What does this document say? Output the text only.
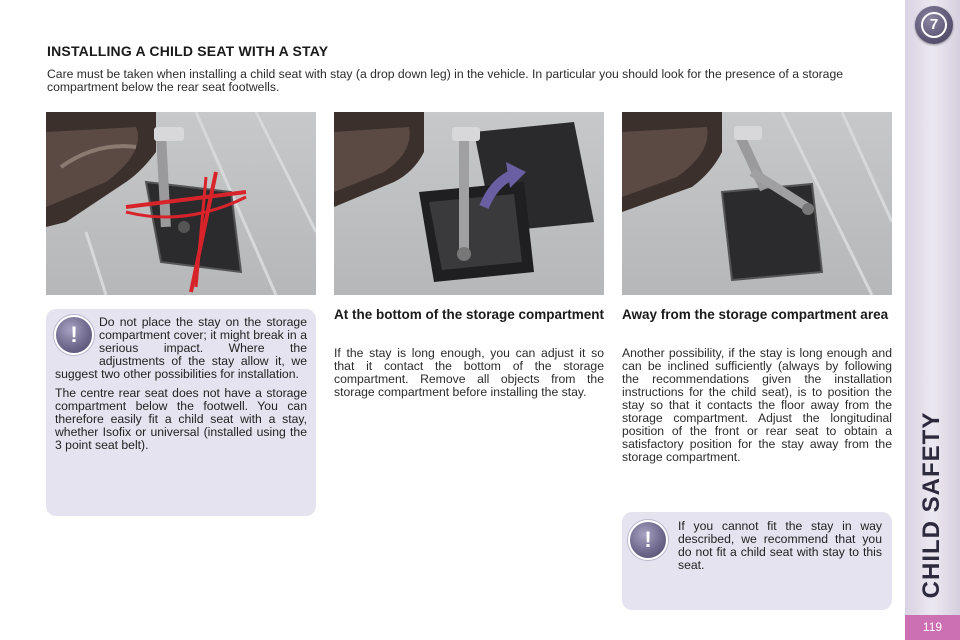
7
CHILD SAFETY
119
INSTALLING A CHILD SEAT WITH A STAY
Care must be taken when installing a child seat with stay (a drop down leg) in the vehicle. In particular you should look for the presence of a storage compartment below the rear seat footwells.
!	Do not place the stay on the storage compartment cover; it might break in a serious impact. Where the adjustments of the stay allow it, we suggest two other possibilities for installation.

The centre rear seat does not have a storage compartment below the footwell. You can therefore easily fit a child seat with a stay, whether Isofix or universal (installed using the 3 point seat belt).

At the bottom of the storage compartment
If the stay is long enough, you can adjust it so that it contact the bottom of the storage compartment. Remove all objects from the storage compartment before installing the stay.
Away from the storage compartment area
Another possibility, if the stay is long enough and can be inclined sufficiently (always by following the recommendations given the installation instructions for the child seat), is to position the stay so that it contacts the floor away from the storage compartment. Adjust the longitudinal position of the front or rear seat to obtain a satisfactory position for the stay away from the storage compartment.
!
If you cannot fit the stay in way described, we recommend that you do not fit a child seat with stay to this seat.
